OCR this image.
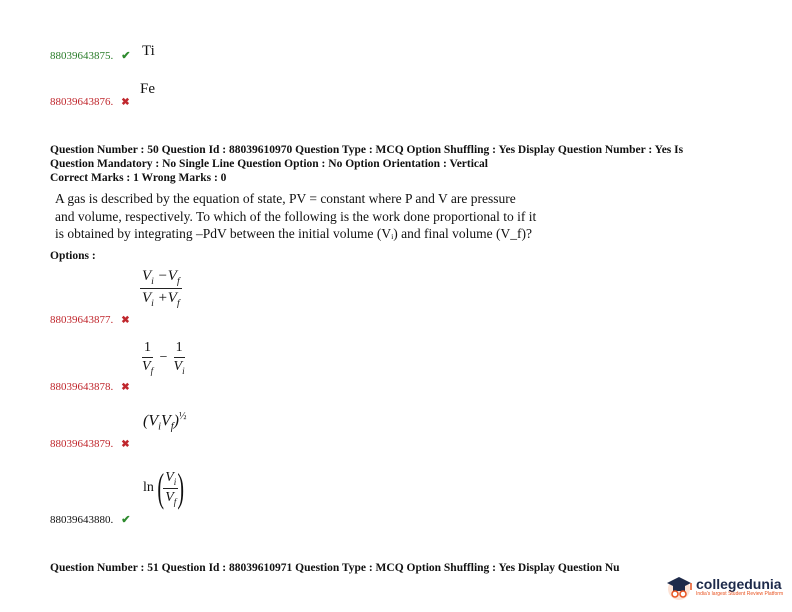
88039643875. ✔ Ti
88039643876. ✖
Fe
Question Number : 50 Question Id : 88039610970 Question Type : MCQ Option Shuffling : Yes Display Question Number : Yes Is
Question Mandatory : No Single Line Question Option : No Option Orientation : Vertical
Correct Marks : 1 Wrong Marks : 0
A gas is described by the equation of state, PV = constant where P and V are pressure
and volume, respectively. To which of the following is the work done proportional to if it
is obtained by integrating –PdV between the initial volume (Vᵢ) and final volume (V_f)?
Options :
$\frac{V_i -V_f}{V_i +V_f}$
88039643877. ✖
$\frac{1}{V_f} - \frac{1}{V_i}$
88039643878. ✖
$(V_iV_f)^{\frac{1}{2}}$
88039643879. ✖
ln ( $\frac{V_i}{V_f}$ )
88039643880. ✔
Question Number : 51 Question Id : 88039610971 Question Type : MCQ Option Shuffling : Yes Display Question Nu
collegedunia
India's largest Student Review Platform
